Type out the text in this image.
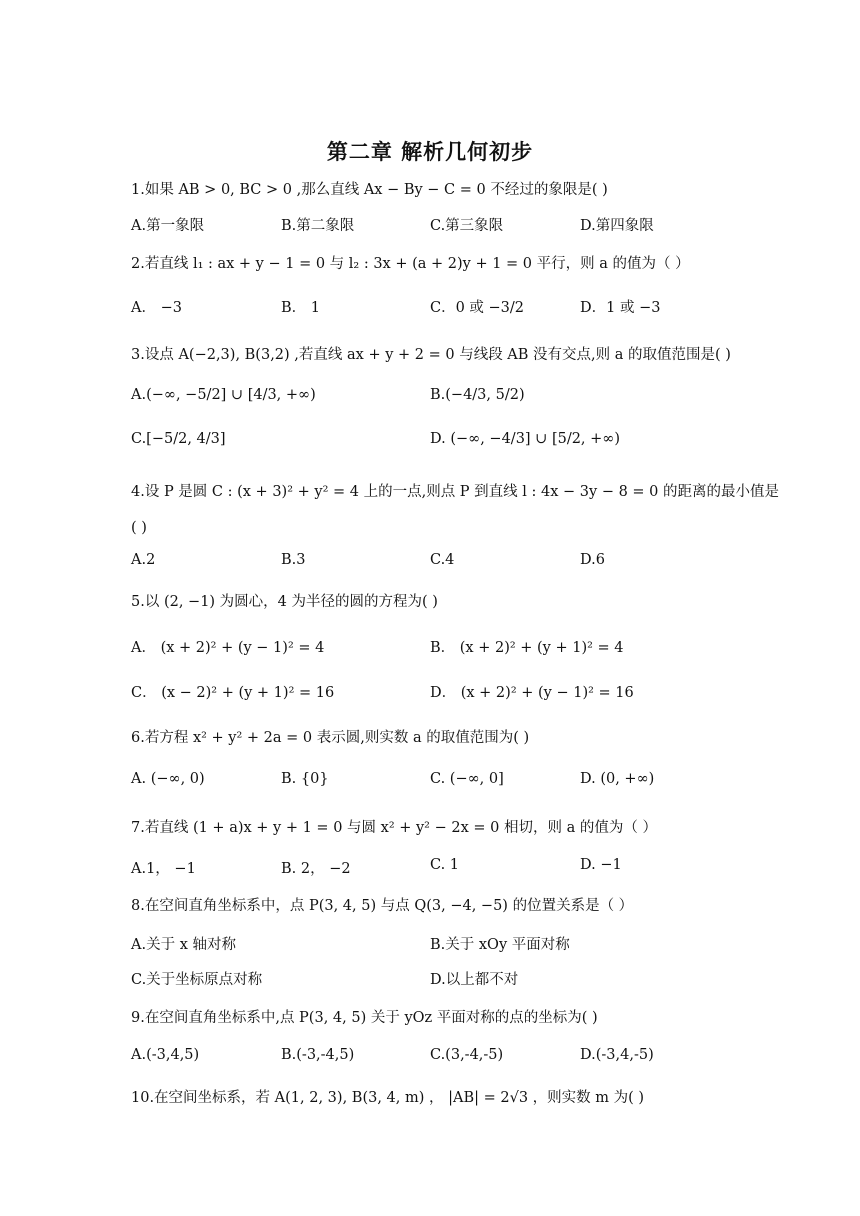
第二章 解析几何初步
1.如果 AB > 0, BC > 0 ,那么直线 Ax − By − C = 0 不经过的象限是( )
A.第一象限	B.第二象限	C.第三象限	D.第四象限
2.若直线 l₁ : ax + y − 1 = 0 与 l₂ : 3x + (a + 2)y + 1 = 0 平行，则 a 的值为（ ）
A． −3	B． 1	C．0 或 −3/2	D．1 或 −3
3.设点 A(−2,3), B(3,2) ,若直线 ax + y + 2 = 0 与线段 AB 没有交点,则 a 的取值范围是( )
A.(−∞, −5/2] ∪ [4/3, +∞)	B.(−4/3, 5/2)
C.[−5/2, 4/3]	D. (−∞, −4/3] ∪ [5/2, +∞)
4.设 P 是圆 C : (x + 3)² + y² = 4 上的一点,则点 P 到直线 l : 4x − 3y − 8 = 0 的距离的最小值是
( )
A.2	B.3	C.4	D.6
5.以 (2, −1) 为圆心，4 为半径的圆的方程为( )
A． (x + 2)² + (y − 1)² = 4	B． (x + 2)² + (y + 1)² = 4
C． (x − 2)² + (y + 1)² = 16	D． (x + 2)² + (y − 1)² = 16
6.若方程 x² + y² + 2a = 0 表示圆,则实数 a 的取值范围为( )
A. (−∞, 0)	B. {0}	C. (−∞, 0]	D. (0, +∞)
7.若直线 (1 + a)x + y + 1 = 0 与圆 x² + y² − 2x = 0 相切，则 a 的值为（ ）
A.1， −1	B. 2， −2	C. 1	D. −1
8.在空间直角坐标系中，点 P(3, 4, 5) 与点 Q(3, −4, −5) 的位置关系是（ ）
A.关于 x 轴对称	B.关于 xOy 平面对称
C.关于坐标原点对称	D.以上都不对
9.在空间直角坐标系中,点 P(3, 4, 5) 关于 yOz 平面对称的点的坐标为( )
A.(-3,4,5)	B.(-3,-4,5)	C.(3,-4,-5)	D.(-3,4,-5)
10.在空间坐标系，若 A(1, 2, 3), B(3, 4, m) ， |AB| = 2√3 ，则实数 m 为( )
